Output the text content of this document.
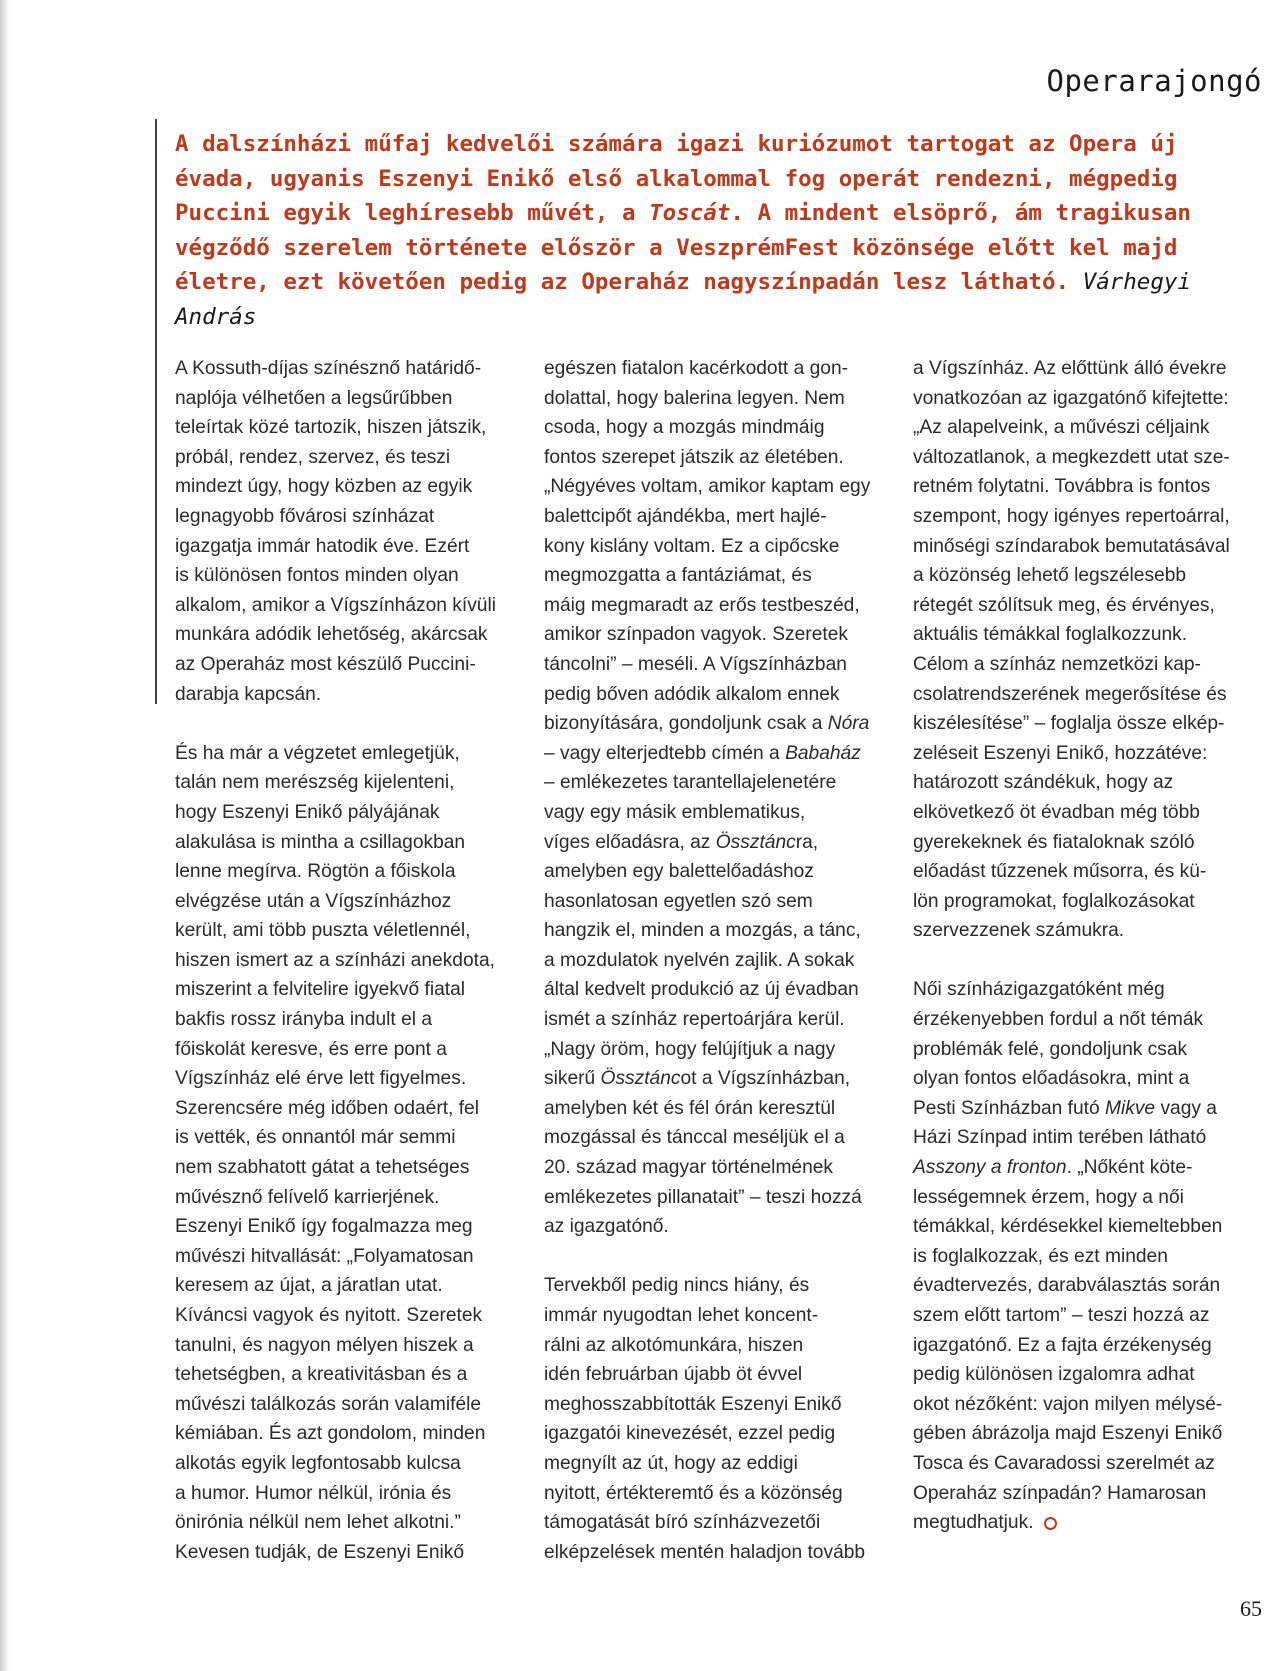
Operarajongó

A dalszínházi műfaj kedvelői számára igazi kuriózumot tartogat az Opera új évada, ugyanis Eszenyi Enikő első alkalommal fog operát rendezni, mégpedig Puccini egyik leghíresebb művét, a Toscát. A mindent elsöprő, ám tragikusan végződő szerelem története először a VeszprémFest közönsége előtt kel majd életre, ezt követően pedig az Operaház nagyszínpadán lesz látható. Várhegyi András

A Kossuth-díjas színésznő határidő-
naplója vélhetően a legsűrűbben
teleírtak közé tartozik, hiszen játszik,
próbál, rendez, szervez, és teszi
mindezt úgy, hogy közben az egyik
legnagyobb fővárosi színházat
igazgatja immár hatodik éve. Ezért
is különösen fontos minden olyan
alkalom, amikor a Vígszínházon kívüli
munkára adódik lehetőség, akárcsak
az Operaház most készülő Puccini-
darabja kapcsán.
És ha már a végzetet emlegetjük,
talán nem merészség kijelenteni,
hogy Eszenyi Enikő pályájának
alakulása is mintha a csillagokban
lenne megírva. Rögtön a főiskola
elvégzése után a Vígszínházhoz
került, ami több puszta véletlennél,
hiszen ismert az a színházi anekdota,
miszerint a felvitelire igyekvő fiatal
bakfis rossz irányba indult el a
főiskolát keresve, és erre pont a
Vígszínház elé érve lett figyelmes.
Szerencsére még időben odaért, fel
is vették, és onnantól már semmi
nem szabhatott gátat a tehetséges
művésznő felívelő karrierjének.
Eszenyi Enikő így fogalmazza meg
művészi hitvallását: „Folyamatosan
keresem az újat, a járatlan utat.
Kíváncsi vagyok és nyitott. Szeretek
tanulni, és nagyon mélyen hiszek a
tehetségben, a kreativitásban és a
művészi találkozás során valamiféle
kémiában. És azt gondolom, minden
alkotás egyik legfontosabb kulcsa
a humor. Humor nélkül, irónia és
önirónia nélkül nem lehet alkotni.”
Kevesen tudják, de Eszenyi Enikő
egészen fiatalon kacérkodott a gon-
dolattal, hogy balerina legyen. Nem
csoda, hogy a mozgás mindmáig
fontos szerepet játszik az életében.
„Négyéves voltam, amikor kaptam egy
balettcipőt ajándékba, mert hajlé-
kony kislány voltam. Ez a cipőcske
megmozgatta a fantáziámat, és
máig megmaradt az erős testbeszéd,
amikor színpadon vagyok. Szeretek
táncolni” – meséli. A Vígszínházban
pedig bőven adódik alkalom ennek
bizonyítására, gondoljunk csak a Nóra
– vagy elterjedtebb címén a Babaház
– emlékezetes tarantellajelenetére
vagy egy másik emblematikus,
víges előadásra, az Össztáncra,
amelyben egy balettelőadáshoz
hasonlatosan egyetlen szó sem
hangzik el, minden a mozgás, a tánc,
a mozdulatok nyelvén zajlik. A sokak
által kedvelt produkció az új évadban
ismét a színház repertoárjára kerül.
„Nagy öröm, hogy felújítjuk a nagy
sikerű Össztáncot a Vígszínházban,
amelyben két és fél órán keresztül
mozgással és tánccal meséljük el a
20. század magyar történelmének
emlékezetes pillanatait” – teszi hozzá
az igazgatónő.
Tervekből pedig nincs hiány, és
immár nyugodtan lehet koncent-
rálni az alkotómunkára, hiszen
idén februárban újabb öt évvel
meghosszabbították Eszenyi Enikő
igazgatói kinevezését, ezzel pedig
megnyílt az út, hogy az eddigi
nyitott, értékteremtő és a közönség
támogatását bíró színházvezetői
elképzelések mentén haladjon tovább
a Vígszínház. Az előttünk álló évekre
vonatkozóan az igazgatónő kifejtette:
„Az alapelveink, a művészi céljaink
változatlanok, a megkezdett utat sze-
retném folytatni. Továbbra is fontos
szempont, hogy igényes repertoárral,
minőségi színdarabok bemutatásával
a közönség lehető legszélesebb
rétegét szólítsuk meg, és érvényes,
aktuális témákkal foglalkozzunk.
Célom a színház nemzetközi kap-
csolatrendszerének megerősítése és
kiszélesítése” – foglalja össze elkép-
zeléseit Eszenyi Enikő, hozzátéve:
határozott szándékuk, hogy az
elkövetkező öt évadban még több
gyerekeknek és fiataloknak szóló
előadást tűzzenek műsorra, és kü-
lön programokat, foglalkozásokat
szervezzenek számukra.
Női színházigazgatóként még
érzékenyebben fordul a nőt témák
problémák felé, gondoljunk csak
olyan fontos előadásokra, mint a
Pesti Színházban futó Mikve vagy a
Házi Színpad intim terében látható
Asszony a fronton. „Nőként köte-
lességemnek érzem, hogy a női
témákkal, kérdésekkel kiemeltebben
is foglalkozzak, és ezt minden
évadtervezés, darabválasztás során
szem előtt tartom” – teszi hozzá az
igazgatónő. Ez a fajta érzékenység
pedig különösen izgalomra adhat
okot nézőként: vajon milyen mélysé-
gében ábrázolja majd Eszenyi Enikő
Tosca és Cavaradossi szerelmét az
Operaház színpadán? Hamarosan
megtudhatjuk.
65
